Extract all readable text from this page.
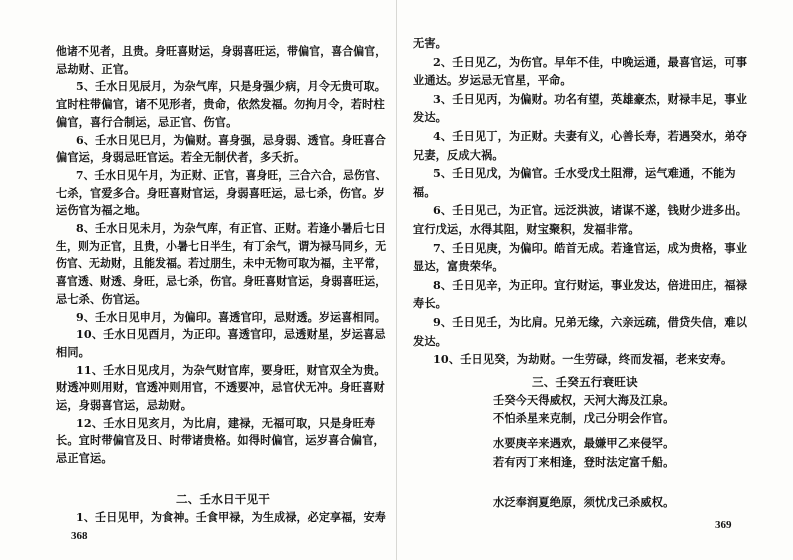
他诸不见者，且贵。身旺喜财运，身弱喜旺运，带偏官，喜合偏官，
忌劫财、正官。
5、壬水日见辰月，为杂气库，只是身强少病，月令无贵可取。
宜时柱带偏官，诸不见形者，贵命，依然发福。勿拘月令，若时柱
偏官，喜行合制运，忌正官、伤官。
6、壬水日见巳月，为偏财。喜身强，忌身弱、透官。身旺喜合
偏官运，身弱忌旺官运。若全无制伏者，多夭折。
7、壬水日见午月，为正财、正官，喜身旺，三合六合，忌伤官、
七杀，官爱多合。身旺喜财官运，身弱喜旺运，忌七杀，伤官。岁
运伤官为福之地。
8、壬水日见未月，为杂气库，有正官、正财。若逢小暑后七日
生，则为正官，且贵，小暑七日半生，有丁余气，谓为禄马同乡，无
伤官、无劫财，且能发福。若过朋生，未中无物可取为福，主平常，
喜官透、财透、身旺，忌七杀，伤官。身旺喜财官运，身弱喜旺运，
忌七杀、伤官运。
9、壬水日见申月，为偏印。喜透官印，忌财透。岁运喜相同。
10、壬水日见酉月，为正印。喜透官印，忌透财星，岁运喜忌
相同。
11、壬水日见戌月，为杂气财官库，要身旺，财官双全为贵。
财透冲则用财，官透冲则用官，不透要冲，忌官伏无冲。身旺喜财
运，身弱喜官运，忌劫财。
12、壬水日见亥月，为比肩，建禄，无福可取，只是身旺寿
长。宜时带偏官及日、时带诸贵格。如得时偏官，运岁喜合偏官，
忌正官运。
二、壬水日干见干
1、壬日见甲，为食神。壬食甲禄，为生成禄，必定享福，安寿
368
无害。
2、壬日见乙，为伤官。早年不佳，中晚运通，最喜官运，可事
业通达。岁运忌无官星，平命。
3、壬日见丙，为偏财。功名有望，英雄豪杰，财禄丰足，事业
发达。
4、壬日见丁，为正财。夫妻有义，心善长寿，若遇癸水，弟夺
兄妻，反成大祸。
5、壬日见戊，为偏官。壬水受戊土阻滞，运气难通，不能为
福。
6、壬日见己，为正官。远泛洪波，诸谋不遂，钱财少进多出。
宜行戊运，水得其阻，财宝聚积，发福非常。
7、壬日见庚，为偏印。皓首无成。若逢官运，成为贵格，事业
显达，富贵荣华。
8、壬日见辛，为正印。宜行财运，事业发达，倍进田庄，福禄
寿长。
9、壬日见壬，为比肩。兄弟无缘，六亲远疏，借贷失信，难以
发达。
10、壬日见癸，为劫财。一生劳碌，终而发福，老来安寿。
三、壬癸五行衰旺诀
壬癸今天得威权，天河大海及江泉。
不怕杀星来克制，戊己分明会作官。
水要庚辛来遇欢，最嫌甲乙来侵罕。
若有丙丁来相逢，登时法定富千船。
水泛奉润夏绝原，须忧戊己杀威权。
369
